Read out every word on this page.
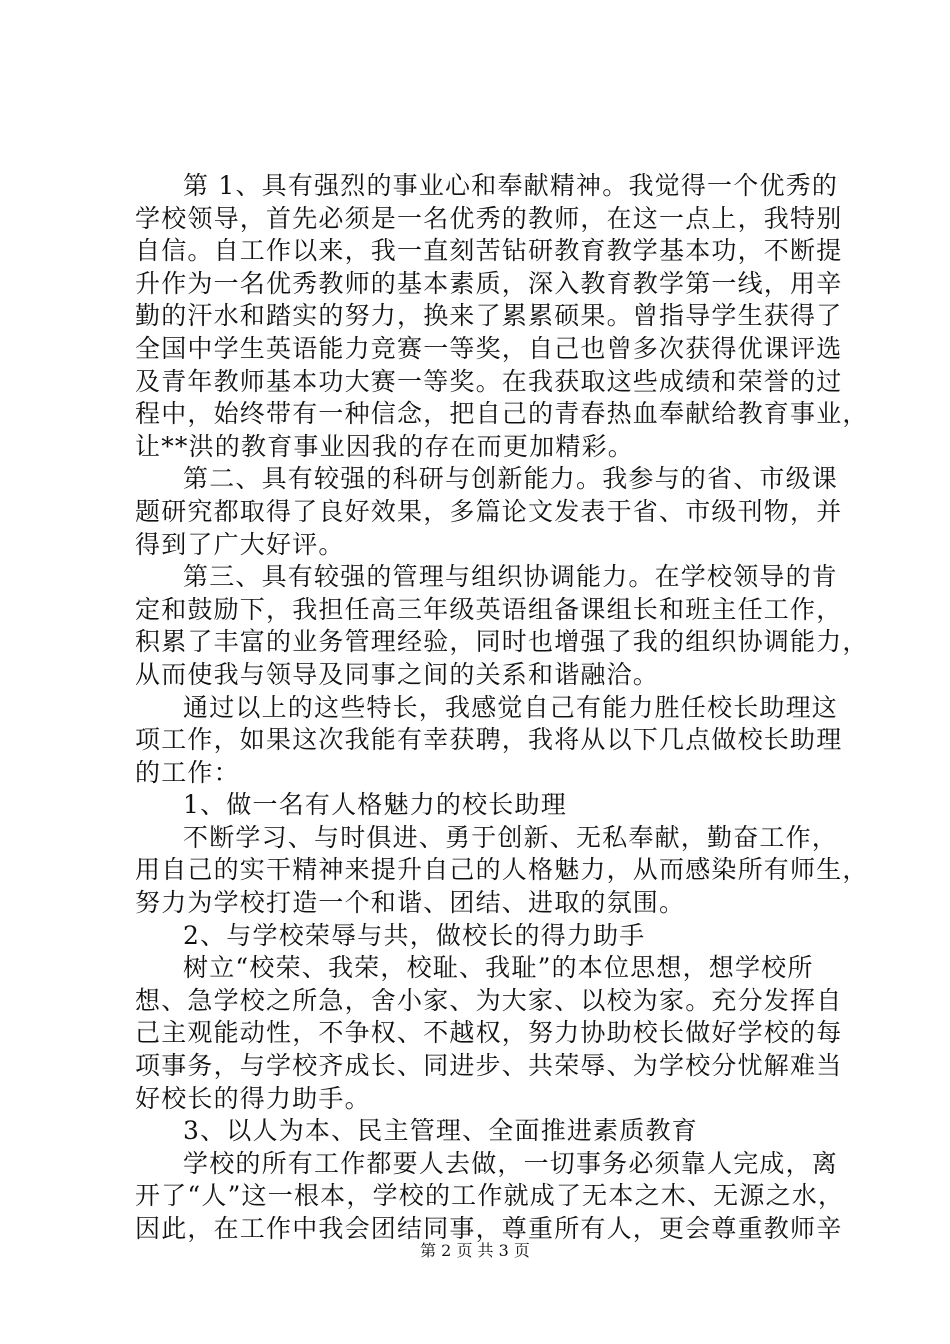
第 1、具有强烈的事业心和奉献精神。我觉得一个优秀的
学校领导，首先必须是一名优秀的教师，在这一点上，我特别
自信。自工作以来，我一直刻苦钻研教育教学基本功，不断提
升作为一名优秀教师的基本素质，深入教育教学第一线，用辛
勤的汗水和踏实的努力，换来了累累硕果。曾指导学生获得了
全国中学生英语能力竞赛一等奖，自己也曾多次获得优课评选
及青年教师基本功大赛一等奖。在我获取这些成绩和荣誉的过
程中，始终带有一种信念，把自己的青春热血奉献给教育事业，
让**洪的教育事业因我的存在而更加精彩。
第二、具有较强的科研与创新能力。我参与的省、市级课
题研究都取得了良好效果，多篇论文发表于省、市级刊物，并
得到了广大好评。
第三、具有较强的管理与组织协调能力。在学校领导的肯
定和鼓励下，我担任高三年级英语组备课组长和班主任工作，
积累了丰富的业务管理经验，同时也增强了我的组织协调能力，
从而使我与领导及同事之间的关系和谐融洽。
通过以上的这些特长，我感觉自己有能力胜任校长助理这
项工作，如果这次我能有幸获聘，我将从以下几点做校长助理
的工作：
1、做一名有人格魅力的校长助理
不断学习、与时俱进、勇于创新、无私奉献，勤奋工作，
用自己的实干精神来提升自己的人格魅力，从而感染所有师生，
努力为学校打造一个和谐、团结、进取的氛围。
2、与学校荣辱与共，做校长的得力助手
树立“校荣、我荣，校耻、我耻”的本位思想，想学校所
想、急学校之所急，舍小家、为大家、以校为家。充分发挥自
己主观能动性，不争权、不越权，努力协助校长做好学校的每
项事务，与学校齐成长、同进步、共荣辱、为学校分忧解难当
好校长的得力助手。
3、以人为本、民主管理、全面推进素质教育
学校的所有工作都要人去做，一切事务必须靠人完成，离
开了“人”这一根本，学校的工作就成了无本之木、无源之水，
因此，在工作中我会团结同事，尊重所有人，更会尊重教师辛
第 2 页 共 3 页
